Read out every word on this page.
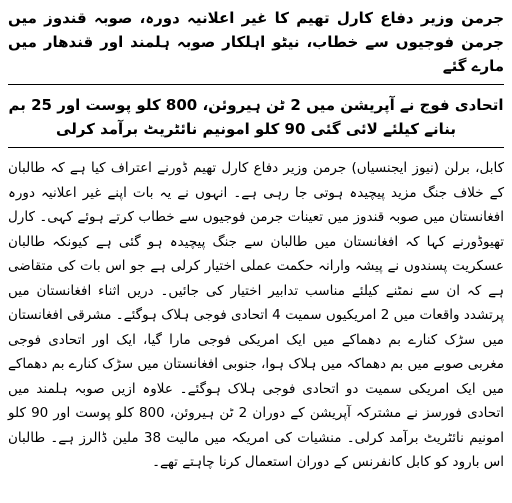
جرمن وزیر دفاع کارل تھیم کا غیر اعلانیہ دورہ، صوبہ قندوز میں جرمن فوجیوں سے خطاب، نیٹو اہلکار صوبہ ہلمند اور قندھار میں مارے گئے

اتحادی فوج نے آپریشن میں 2 ٹن ہیروئن، 800 کلو پوست اور 25 بم بنانے کیلئے لائی گئی 90 کلو امونیم نائٹریٹ برآمد کرلی

کابل، برلن (نیوز ایجنسیاں) جرمن وزیر دفاع کارل تھیم ڈورنے اعتراف کیا ہے کہ طالبان کے خلاف جنگ مزید پیچیدہ ہوتی جا رہی ہے۔ انہوں نے یہ بات اپنے غیر اعلانیہ دورہ افغانستان میں صوبہ قندوز میں تعینات جرمن فوجیوں سے خطاب کرتے ہوئے کہی۔ کارل تھیوڈورنے کہا کہ افغانستان میں طالبان سے جنگ پیچیدہ ہو گئی ہے کیونکہ طالبان عسکریت پسندوں نے پیشہ وارانہ حکمت عملی اختیار کرلی ہے جو اس بات کی متقاضی ہے کہ ان سے نمٹنے کیلئے مناسب تدابیر اختیار کی جائیں۔ دریں اثناء افغانستان میں پرتشدد واقعات میں 2 امریکیوں سمیت 4 اتحادی فوجی ہلاک ہوگئے۔ مشرقی افغانستان میں سڑک کنارے بم دھماکے میں ایک امریکی فوجی مارا گیا، ایک اور اتحادی فوجی مغربی صوبے میں بم دھماکہ میں ہلاک ہوا، جنوبی افغانستان میں سڑک کنارے بم دھماکے میں ایک امریکی سمیت دو اتحادی فوجی ہلاک ہوگئے۔ علاوہ ازیں صوبہ ہلمند میں اتحادی فورسز نے مشترکہ آپریشن کے دوران 2 ٹن ہیروئن، 800 کلو پوست اور 90 کلو امونیم نائٹریٹ برآمد کرلی۔ منشیات کی امریکہ میں مالیت 38 ملین ڈالرز ہے۔ طالبان اس بارود کو کابل کانفرنس کے دوران استعمال کرنا چاہتے تھے۔
